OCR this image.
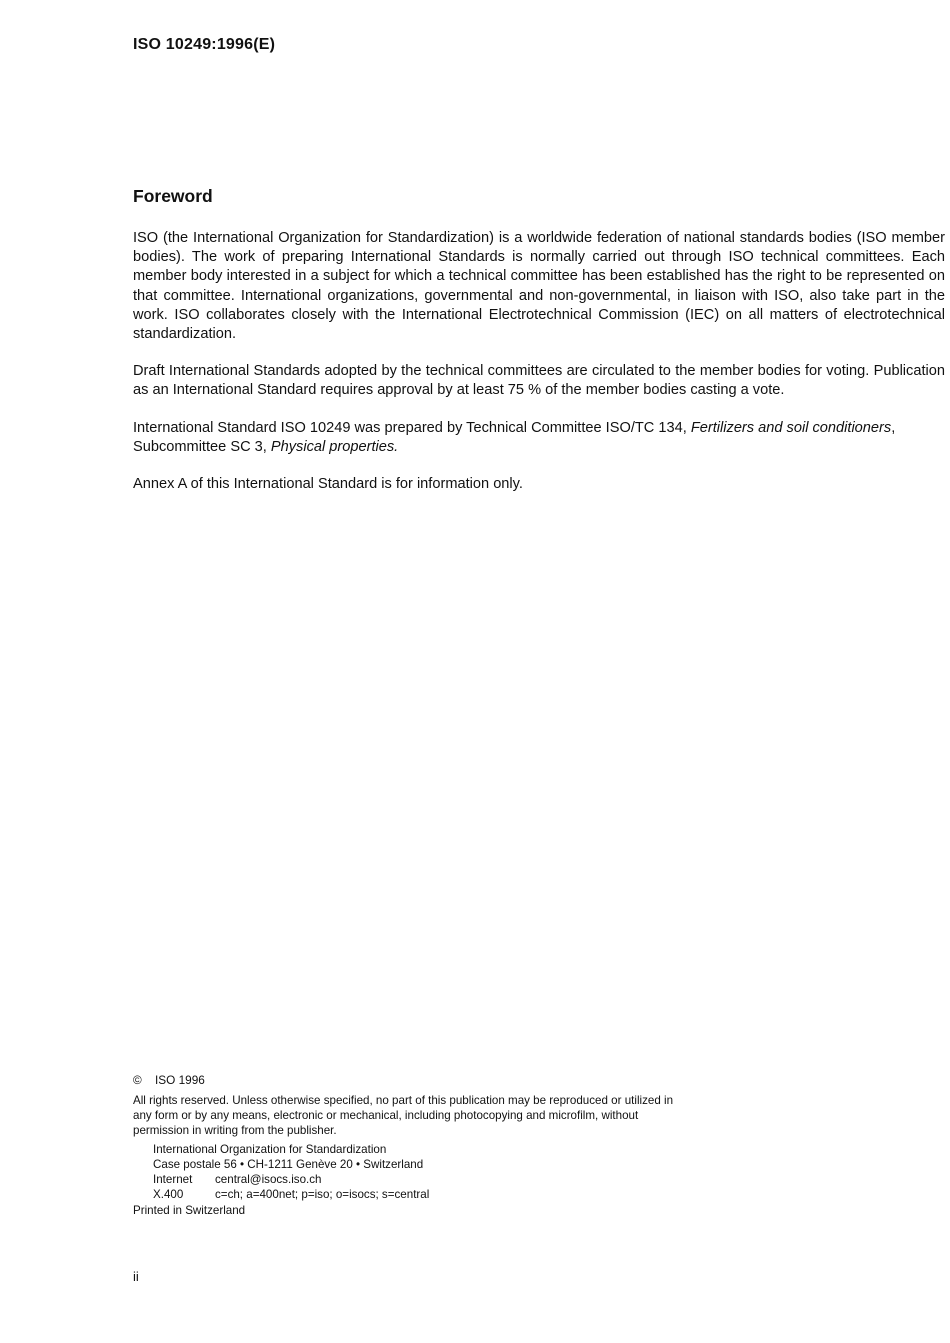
ISO 10249:1996(E)
Foreword

ISO (the International Organization for Standardization) is a worldwide federation of national standards bodies (ISO member bodies). The work of preparing International Standards is normally carried out through ISO technical committees. Each member body interested in a subject for which a technical committee has been established has the right to be represented on that committee. International organizations, governmental and non-governmental, in liaison with ISO, also take part in the work. ISO collaborates closely with the International Electrotechnical Commission (IEC) on all matters of electrotechnical standardization.

Draft International Standards adopted by the technical committees are circulated to the member bodies for voting. Publication as an International Standard requires approval by at least 75 % of the member bodies casting a vote.

International Standard ISO 10249 was prepared by Technical Committee ISO/TC 134, Fertilizers and soil conditioners, Subcommittee SC 3, Physical properties.

Annex A of this International Standard is for information only.

© ISO 1996

All rights reserved. Unless otherwise specified, no part of this publication may be reproduced or utilized in any form or by any means, electronic or mechanical, including photocopying and microfilm, without permission in writing from the publisher.

International Organization for Standardization
Case postale 56 • CH-1211 Genève 20 • Switzerland
Internet central@isocs.iso.ch
X.400	c=ch; a=400net; p=iso; o=isocs; s=central
Printed in Switzerland
ii
